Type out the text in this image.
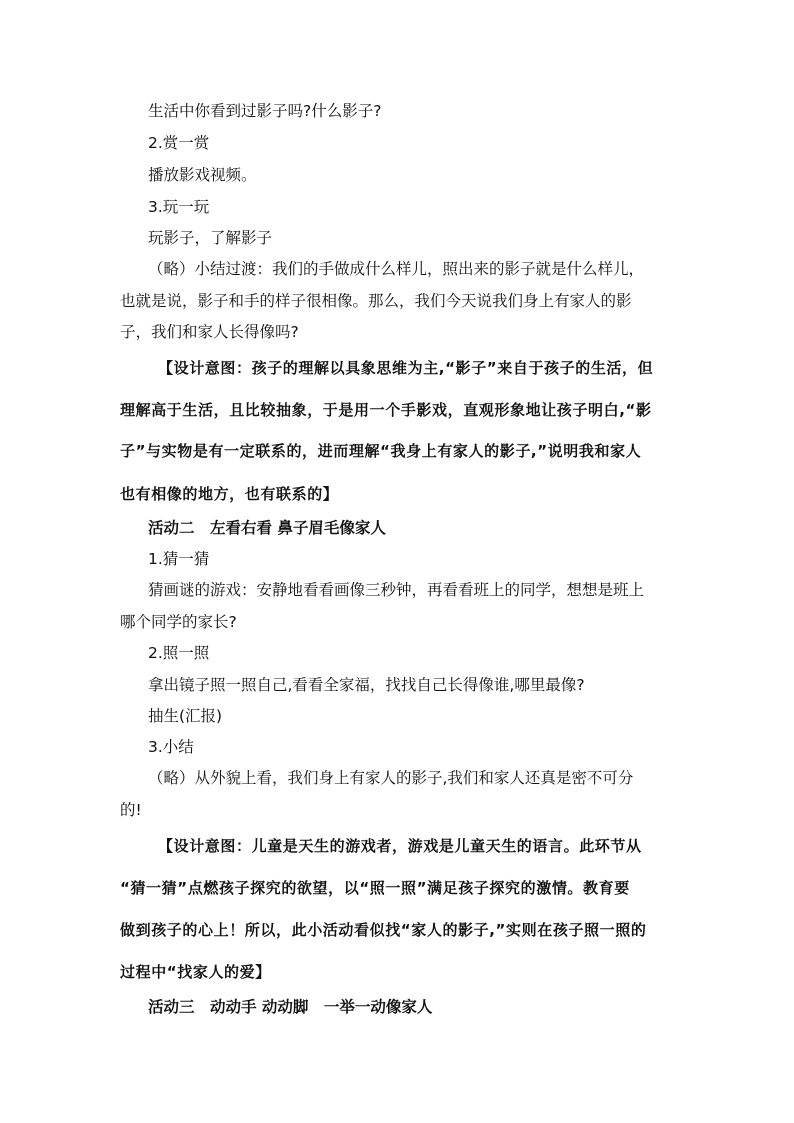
生活中你看到过影子吗?什么影子?
2.赏一赏
播放影戏视频。
3.玩一玩
玩影子，了解影子
（略）小结过渡：我们的手做成什么样儿，照出来的影子就是什么样儿，
也就是说，影子和手的样子很相像。那么，我们今天说我们身上有家人的影
子，我们和家人长得像吗?
【设计意图：孩子的理解以具象思维为主,“影子”来自于孩子的生活，但
理解高于生活，且比较抽象，于是用一个手影戏，直观形象地让孩子明白,“影
子”与实物是有一定联系的，进而理解“我身上有家人的影子,”说明我和家人
也有相像的地方，也有联系的】
活动二　左看右看 鼻子眉毛像家人
1.猜一猜
猜画谜的游戏：安静地看看画像三秒钟，再看看班上的同学，想想是班上
哪个同学的家长?
2.照一照
拿出镜子照一照自己,看看全家福，找找自己长得像谁,哪里最像?
抽生(汇报)
3.小结
（略）从外貌上看，我们身上有家人的影子,我们和家人还真是密不可分
的!
【设计意图：儿童是天生的游戏者，游戏是儿童天生的语言。此环节从
“猜一猜”点燃孩子探究的欲望，以“照一照”满足孩子探究的激情。教育要
做到孩子的心上！所以，此小活动看似找“家人的影子,”实则在孩子照一照的
过程中“找家人的爱】
活动三　动动手 动动脚　一举一动像家人
